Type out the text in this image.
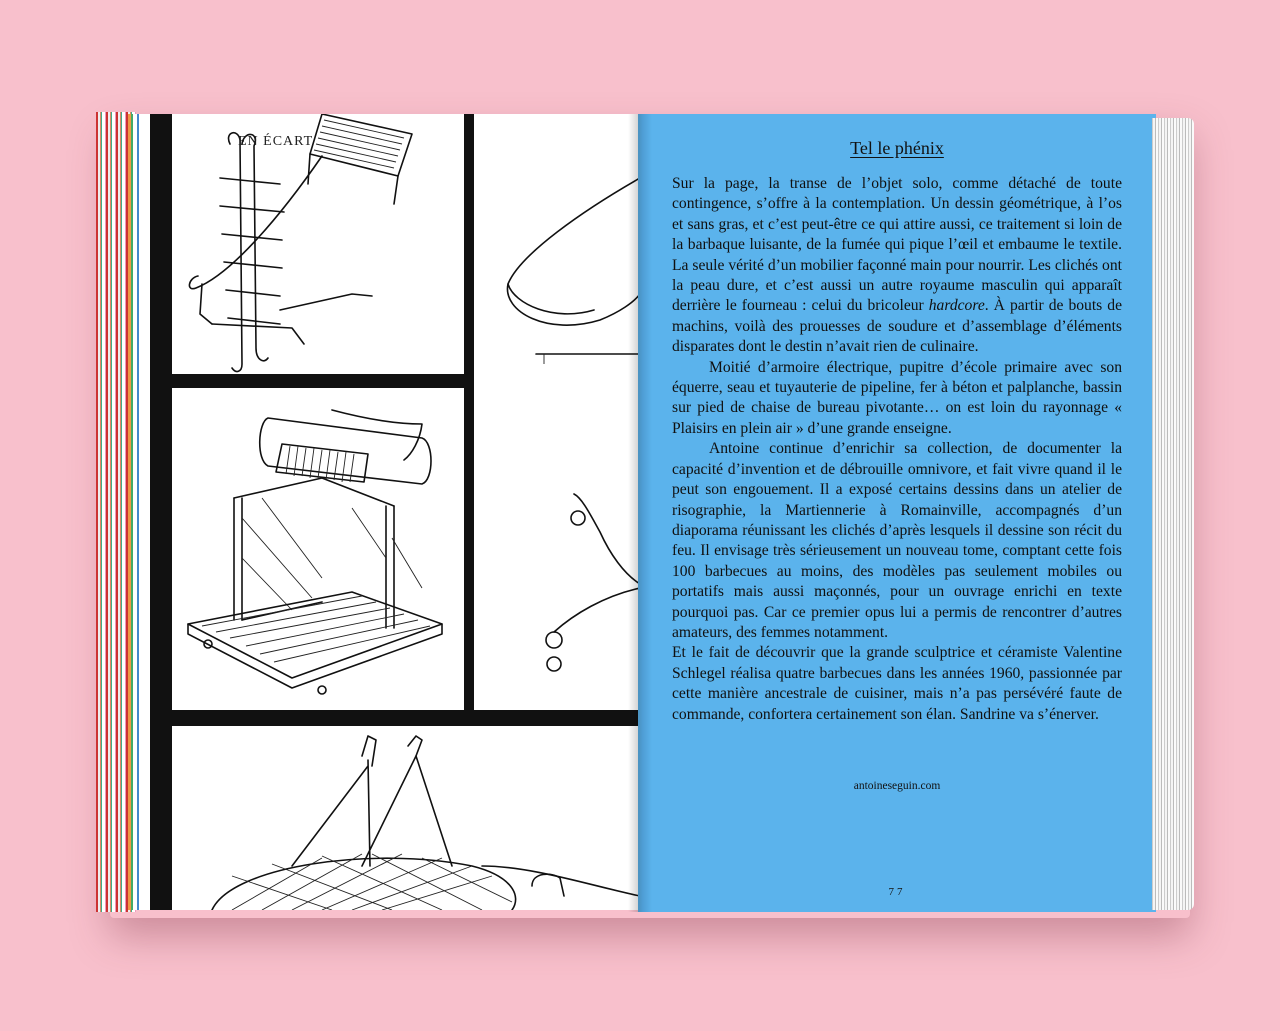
EN ÉCART	Tel le phénix

Sur la page, la transe de l’objet solo, comme détaché de toute contingence, s’offre à la contemplation. Un dessin géométrique, à l’os et sans gras, et c’est peut-être ce qui attire aussi, ce traitement si loin de la barbaque luisante, de la fumée qui pique l’œil et embaume le textile. La seule vérité d’un mobilier façonné main pour nourrir. Les clichés ont la peau dure, et c’est aussi un autre royaume masculin qui apparaît derrière le fourneau : celui du bricoleur hardcore. À partir de bouts de machins, voilà des prouesses de soudure et d’assemblage d’éléments disparates dont le destin n’avait rien de culinaire.

Moitié d’armoire électrique, pupitre d’école primaire avec son équerre, seau et tuyauterie de pipeline, fer à béton et palplanche, bassin sur pied de chaise de bureau pivotante… on est loin du rayonnage « Plaisirs en plein air » d’une grande enseigne.

Antoine continue d’enrichir sa collection, de documenter la capacité d’invention et de débrouille omnivore, et fait vivre quand il le peut son engouement. Il a exposé certains dessins dans un atelier de risographie, la Martiennerie à Romainville, accompagnés d’un diaporama réunissant les clichés d’après lesquels il dessine son récit du feu. Il envisage très sérieusement un nouveau tome, comptant cette fois 100 barbecues au moins, des modèles pas seulement mobiles ou portatifs mais aussi maçonnés, pour un ouvrage enrichi en texte pourquoi pas. Car ce premier opus lui a permis de rencontrer d’autres amateurs, des femmes notamment.

Et le fait de découvrir que la grande sculptrice et céramiste Valentine Schlegel réalisa quatre barbecues dans les années 1960, passionnée par cette manière ancestrale de cuisiner, mais n’a pas persévéré faute de commande, confortera certainement son élan. Sandrine va s’énerver.

antoineseguin.com
77
